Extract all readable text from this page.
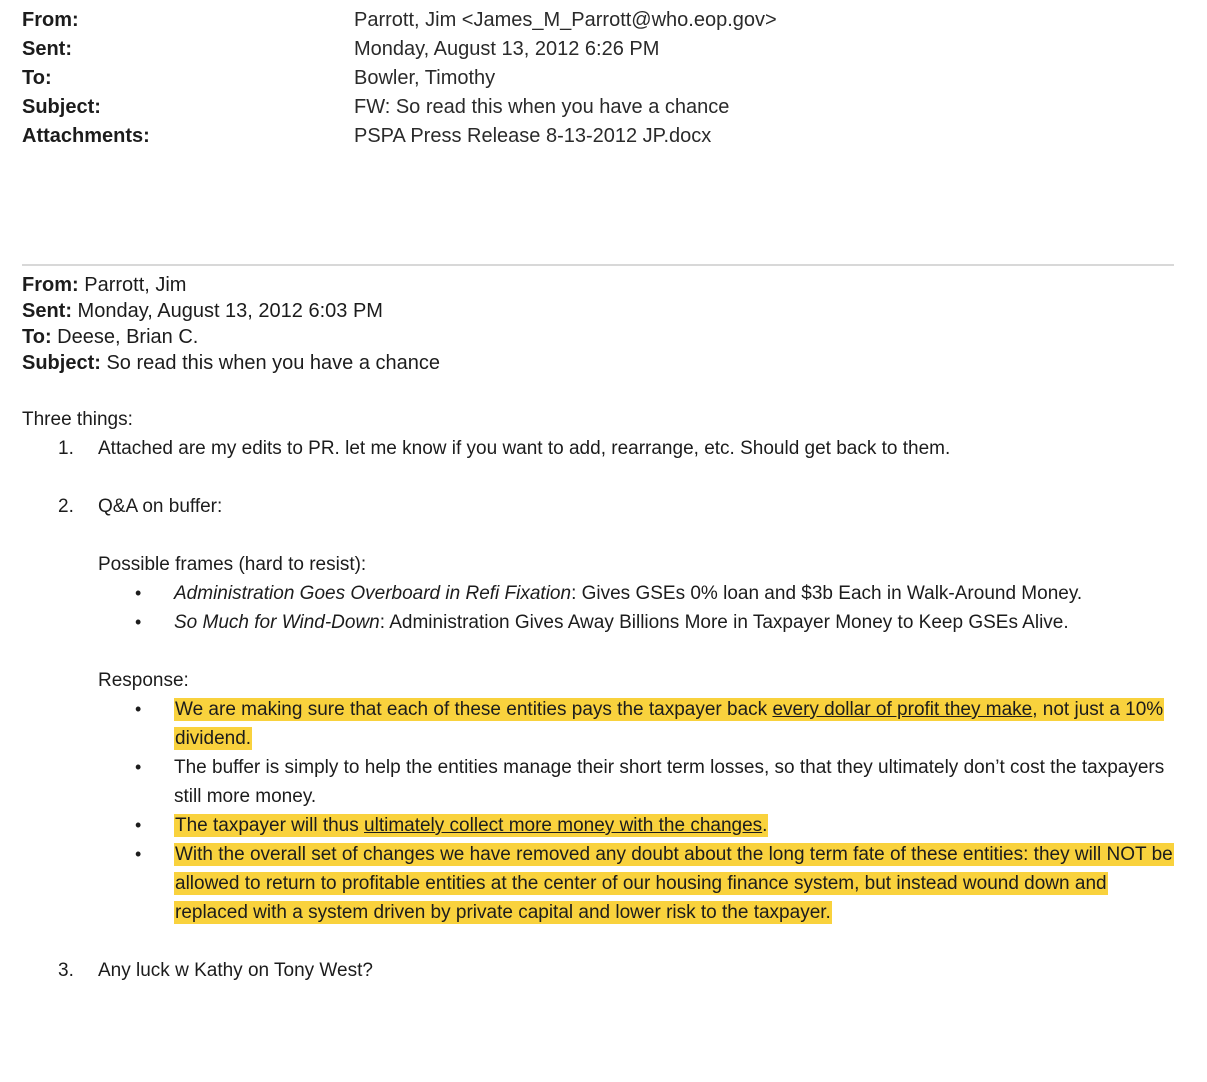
From:	Parrott, Jim <James_M_Parrott@who.eop.gov>
Sent:	Monday, August 13, 2012 6:26 PM
To:	Bowler, Timothy
Subject:	FW: So read this when you have a chance
Attachments:	PSPA Press Release 8-13-2012 JP.docx
From: Parrott, Jim
Sent: Monday, August 13, 2012 6:03 PM
To: Deese, Brian C.
Subject: So read this when you have a chance
Three things:
1. Attached are my edits to PR. let me know if you want to add, rearrange, etc. Should get back to them.
2. Q&A on buffer:
Possible frames (hard to resist):
• Administration Goes Overboard in Refi Fixation: Gives GSEs 0% loan and $3b Each in Walk-Around Money.
• So Much for Wind-Down: Administration Gives Away Billions More in Taxpayer Money to Keep GSEs Alive.
Response:
• We are making sure that each of these entities pays the taxpayer back every dollar of profit they make, not just a 10% dividend.
• The buffer is simply to help the entities manage their short term losses, so that they ultimately don’t cost the taxpayers still more money.
• The taxpayer will thus ultimately collect more money with the changes.
• With the overall set of changes we have removed any doubt about the long term fate of these entities: they will NOT be allowed to return to profitable entities at the center of our housing finance system, but instead wound down and replaced with a system driven by private capital and lower risk to the taxpayer.
3. Any luck w Kathy on Tony West?
